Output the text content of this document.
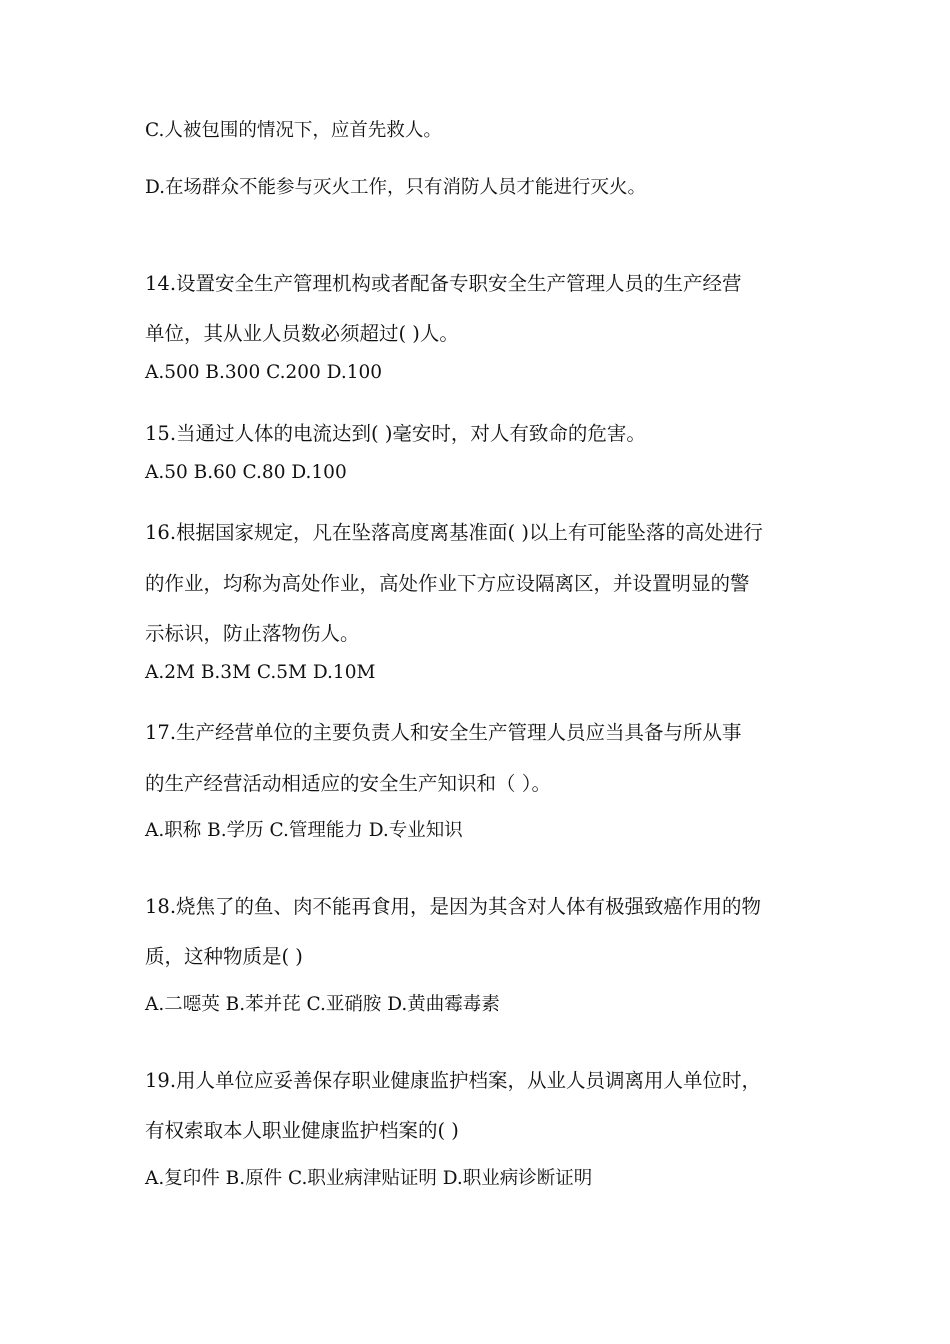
C.人被包围的情况下，应首先救人。
D.在场群众不能参与灭火工作，只有消防人员才能进行灭火。
14.设置安全生产管理机构或者配备专职安全生产管理人员的生产经营
单位，其从业人员数必须超过( )人。
A.500 B.300 C.200 D.100
15.当通过人体的电流达到( )毫安时，对人有致命的危害。
A.50 B.60 C.80 D.100
16.根据国家规定，凡在坠落高度离基准面( )以上有可能坠落的高处进行
的作业，均称为高处作业，高处作业下方应设隔离区，并设置明显的警
示标识，防止落物伤人。
A.2M B.3M C.5M D.10M
17.生产经营单位的主要负责人和安全生产管理人员应当具备与所从事
的生产经营活动相适应的安全生产知识和（ ）。
A.职称 B.学历 C.管理能力 D.专业知识
18.烧焦了的鱼、肉不能再食用，是因为其含对人体有极强致癌作用的物
质，这种物质是( )
A.二噁英 B.苯并芘 C.亚硝胺 D.黄曲霉毒素
19.用人单位应妥善保存职业健康监护档案，从业人员调离用人单位时，
有权索取本人职业健康监护档案的( )
A.复印件 B.原件 C.职业病津贴证明 D.职业病诊断证明
